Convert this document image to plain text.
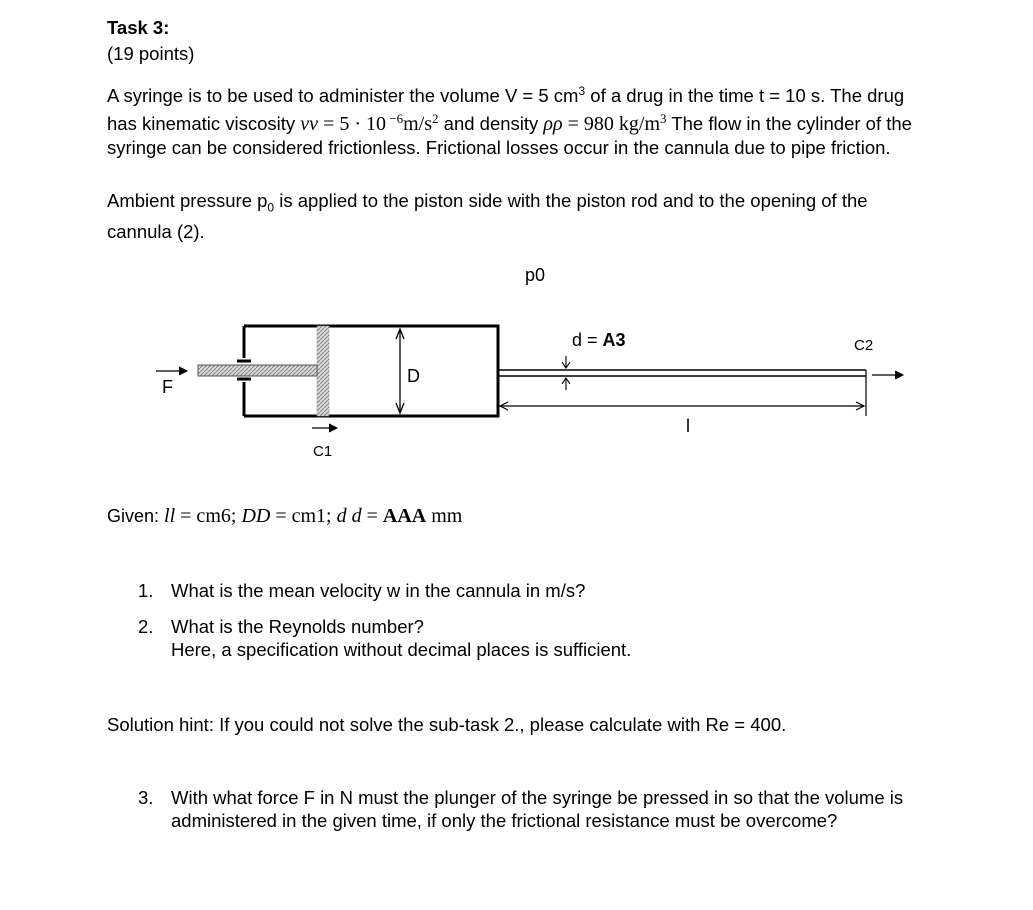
Task 3:
(19 points)
A syringe is to be used to administer the volume V = 5 $cm^3$ of a drug in the time t = 10 s. The drug has kinematic viscosity νν = 5 · 10 $^{-6}m/s^2$ and density ρρ = 980 $kg/m^3$ The flow in the cylinder of the syringe can be considered frictionless. Frictional losses occur in the cannula due to pipe friction.
Ambient pressure $p_0$ is applied to the piston side with the piston rod and to the opening of the cannula (2).
D
d = A3
l
p0
C2
F
C1
Given: ll = cm6; DD = cm1; d d = AAA mm
1. What is the mean velocity w in the cannula in m/s?
2. What is the Reynolds number?
Here, a specification without decimal places is sufficient.
Solution hint: If you could not solve the sub-task 2., please calculate with Re = 400.
3. With what force F in N must the plunger of the syringe be pressed in so that the volume is administered in the given time, if only the frictional resistance must be overcome?
